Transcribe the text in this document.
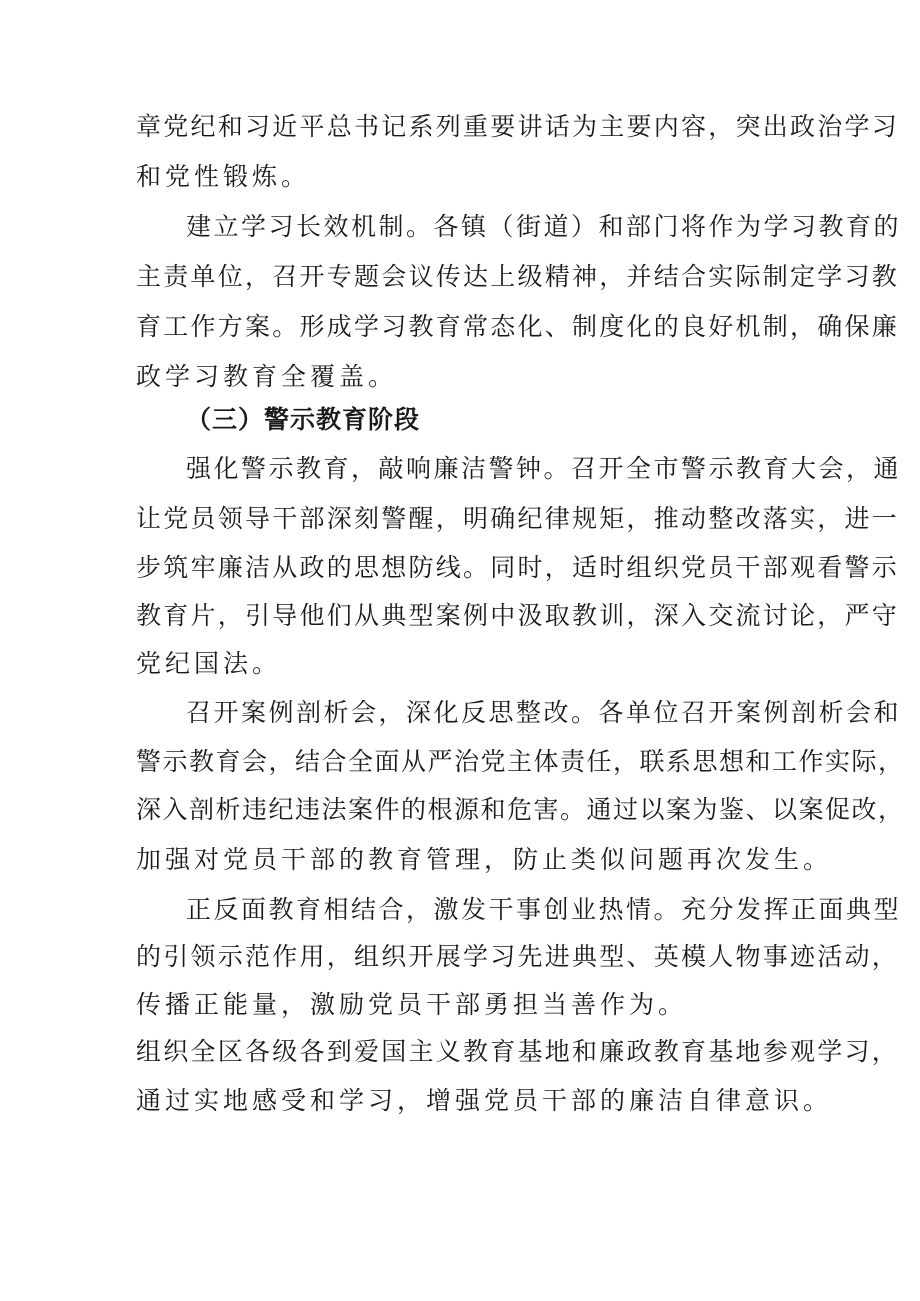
章党纪和习近平总书记系列重要讲话为主要内容，突出政治学习
和党性锻炼。
建立学习长效机制。各镇（街道）和部门将作为学习教育的
主责单位，召开专题会议传达上级精神，并结合实际制定学习教
育工作方案。形成学习教育常态化、制度化的良好机制，确保廉
政学习教育全覆盖。
（三）警示教育阶段
强化警示教育，敲响廉洁警钟。召开全市警示教育大会，通
让党员领导干部深刻警醒，明确纪律规矩，推动整改落实，进一
步筑牢廉洁从政的思想防线。同时，适时组织党员干部观看警示
教育片，引导他们从典型案例中汲取教训，深入交流讨论，严守
党纪国法。
召开案例剖析会，深化反思整改。各单位召开案例剖析会和
警示教育会，结合全面从严治党主体责任，联系思想和工作实际，
深入剖析违纪违法案件的根源和危害。通过以案为鉴、以案促改，
加强对党员干部的教育管理，防止类似问题再次发生。
正反面教育相结合，激发干事创业热情。充分发挥正面典型
的引领示范作用，组织开展学习先进典型、英模人物事迹活动，
传播正能量，激励党员干部勇担当善作为。
组织全区各级各到爱国主义教育基地和廉政教育基地参观学习，
通过实地感受和学习，增强党员干部的廉洁自律意识。
